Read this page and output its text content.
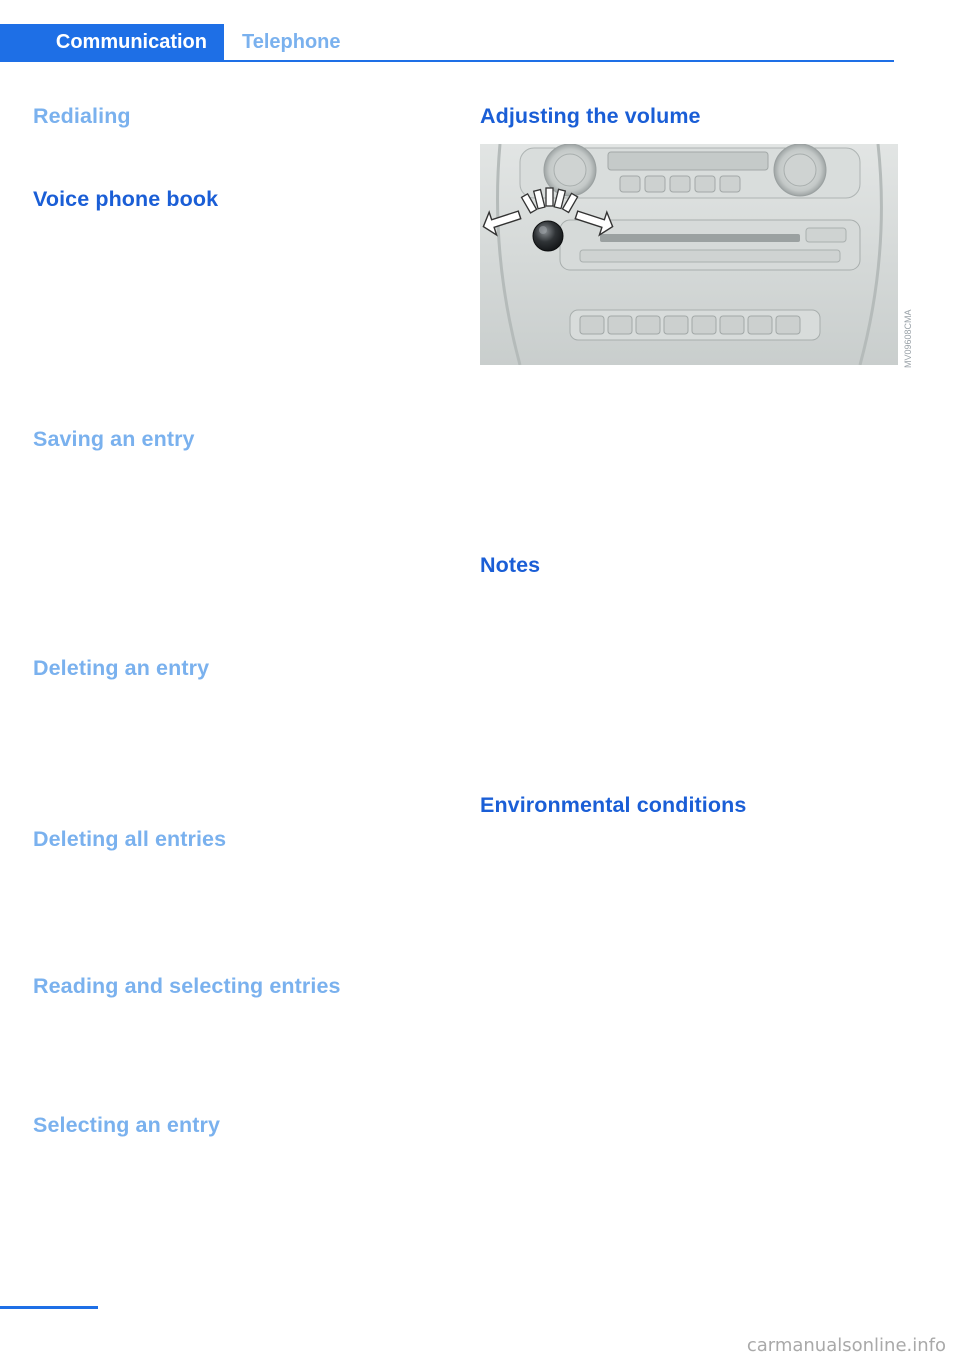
Communication Telephone
Redialing
Voice phone book
Saving an entry
Deleting an entry
Deleting all entries
Reading and selecting entries
Selecting an entry
Adjusting the volume
Notes
Environmental conditions
MV09608CMA
carmanualsonline.info
